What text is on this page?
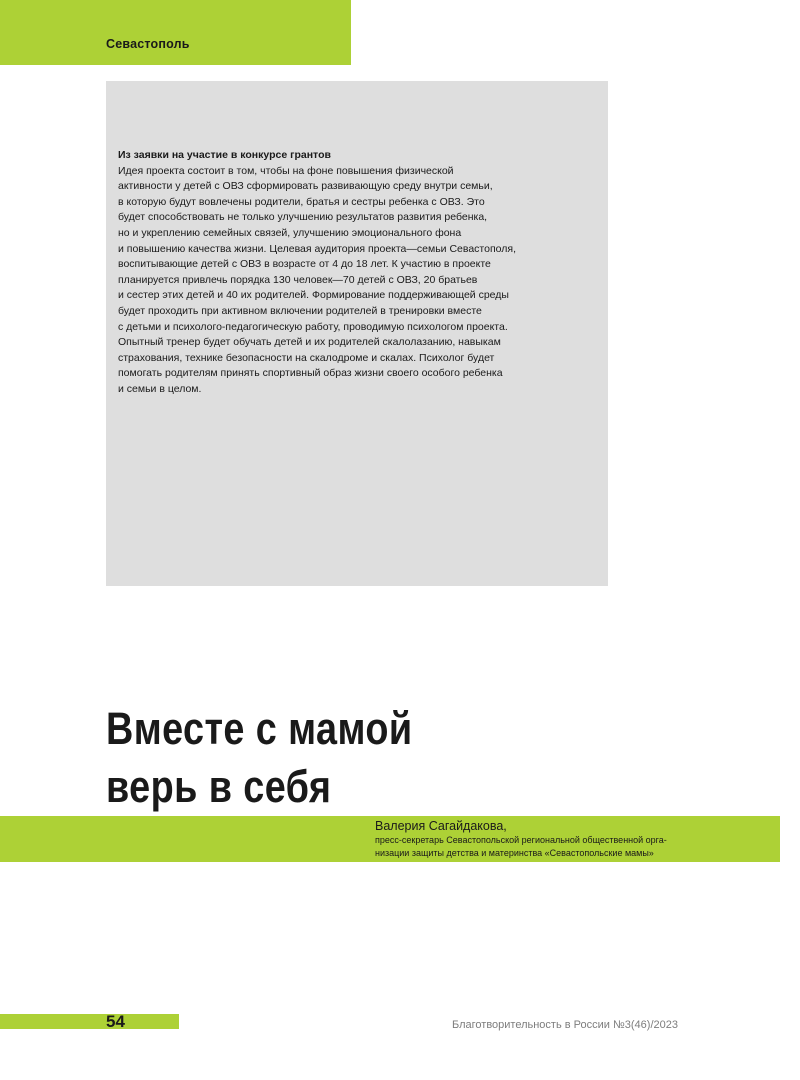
Севастополь
Из заявки на участие в конкурсе грантов
Идея проекта состоит в том, чтобы на фоне повышения физической
активности у детей с ОВЗ сформировать развивающую среду внутри семьи,
в которую будут вовлечены родители, братья и сестры ребенка с ОВЗ. Это
будет способствовать не только улучшению результатов развития ребенка,
но и укреплению семейных связей, улучшению эмоционального фона
и повышению качества жизни. Целевая аудитория проекта—семьи Севастополя,
воспитывающие детей с ОВЗ в возрасте от 4 до 18 лет. К участию в проекте
планируется привлечь порядка 130 человек—70 детей с ОВЗ, 20 братьев
и сестер этих детей и 40 их родителей. Формирование поддерживающей среды
будет проходить при активном включении родителей в тренировки вместе
с детьми и психолого-педагогическую работу, проводимую психологом проекта.
Опытный тренер будет обучать детей и их родителей скалолазанию, навыкам
страхования, технике безопасности на скалодроме и скалах. Психолог будет
помогать родителям принять спортивный образ жизни своего особого ребенка
и семьи в целом.
Вместе с мамой
верь в себя
Валерия Сагайдакова,
пресс-секретарь Севастопольской региональной общественной орга-
низации защиты детства и материнства «Севастопольские мамы»
54	Благотворительность в России №3(46)/2023
